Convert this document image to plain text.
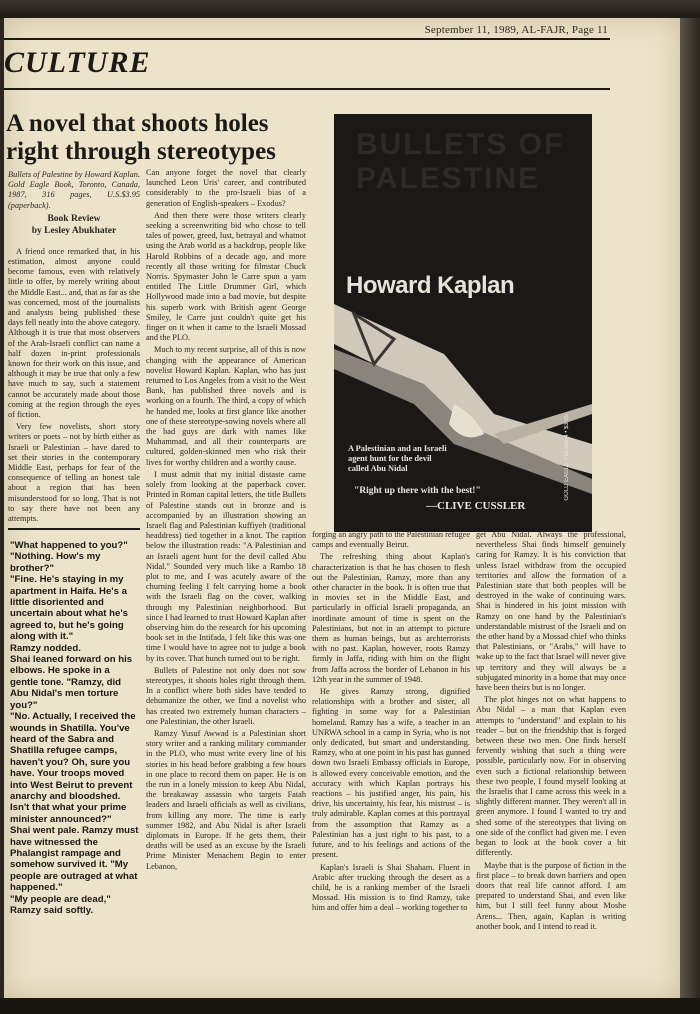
September 11, 1989, AL-FAJR, Page 11
CULTURE
A novel that shoots holes right through stereotypes

Bullets of Palestine by Howard Kaplan. Gold Eagle Book, Toronto, Canada, 1987, 316 pages, U.S.$3.95 (paperback).

Book Review
by Lesley Abukhater

A friend once remarked that, in his estimation, almost anyone could become famous, even with relatively little to offer, by merely writing about the Middle East... and, that as far as she was concerned, most of the journalists and analysts being published these days fell neatly into the above category. Although it is true that most observers of the Arab-Israeli conflict can name a half dozen in-print professionals known for their work on this issue, and although it may be true that only a few have much to say, such a statement cannot be accurately made about those coming at the region through the eyes of fiction.

Very few novelists, short story writers or poets – not by birth either as Israeli or Palestinian – have dared to set their stories in the contemporary Middle East, perhaps for fear of the consequence of telling an honest tale about a region that has been misunderstood for so long. That is not to say there have not been any attempts.

"What happened to you?"

"Nothing. How's my brother?"

"Fine. He's staying in my apartment in Haifa. He's a little disoriented and uncertain about what he's agreed to, but he's going along with it."

Ramzy nodded.

Shai leaned forward on his elbows. He spoke in a gentle tone. "Ramzy, did Abu Nidal's men torture you?"

"No. Actually, I received the wounds in Shatilla. You've heard of the Sabra and Shatilla refugee camps, haven't you? Oh, sure you have. Your troops moved into West Beirut to prevent anarchy and bloodshed. Isn't that what your prime minister announced?"

Shai went pale. Ramzy must have witnessed the Phalangist rampage and somehow survived it. "My people are outraged at what happened."

"My people are dead," Ramzy said softly.

Can anyone forget the novel that clearly launched Leon Uris' career, and contributed considerably to the pro-Israeli bias of a generation of English-speakers – Exodus?

And then there were those writers clearly seeking a screenwriting bid who chose to tell tales of power, greed, lust, betrayal and whatnot using the Arab world as a backdrop, people like Harold Robbins of a decade ago, and more recently all those writing for filmstar Chuck Norris. Spymaster John le Carre spun a yarn entitled The Little Drummer Girl, which Hollywood made into a bad movie, but despite his superb work with British agent George Smiley, le Carre just couldn't quite get his finger on it when it came to the Israeli Mossad and the PLO.

Much to my recent surprise, all of this is now changing with the appearance of American novelist Howard Kaplan. Kaplan, who has just returned to Los Angeles from a visit to the West Bank, has published three novels and is working on a fourth. The third, a copy of which he handed me, looks at first glance like another one of these stereotype-sowing novels where all the bad guys are dark with names like Muhammad, and all their counterparts are cultured, golden-skinned men who risk their lives for worthy children and a worthy cause.

I must admit that my initial distaste came solely from looking at the paperback cover. Printed in Roman capital letters, the title Bullets of Palestine stands out in bronze and is accompanied by an illustration showing an Israeli flag and Palestinian kuffiyeh (traditional headdress) tied together in a knot. The caption below the illustration reads: "A Palestinian and an Israeli agent hunt for the devil called Abu Nidal." Sounded very much like a Rambo 18 plot to me, and I was acutely aware of the churning feeling I felt carrying home a book with the Israeli flag on the cover, walking through my Palestinian neighborhood. But since I had learned to trust Howard Kaplan after observing him do the research for his upcoming book set in the Intifada, I felt like this was one time I would have to agree not to judge a book by its cover. That hunch turned out to be right.

Bullets of Palestine not only does not sow stereotypes, it shoots holes right through them. In a conflict where both sides have tended to dehumanize the other, we find a novelist who has created two extremely human characters – one Palestinian, the other Israeli.

Ramzy Yusuf Awwad is a Palestinian short story writer and a ranking military commander in the PLO, who must write every line of his stories in his head before grabbing a few hours in one place to record them on paper. He is on the run in a lonely mission to keep Abu Nidal, the breakaway assassin who targets Fatah leaders and Israeli officials as well as civilians, from killing any more. The time is early summer 1982, and Abu Nidal is after Israeli diplomats in Europe. If he gets them, their deaths will be used as an excuse by the Israeli Prime Minister Menachem Begin to enter Lebanon,

BULLETS OF PALESTINE
Howard Kaplan
A Palestinian and an Israeli agent hunt for the devil called Abu Nidal
"Right up there with the best!"
—CLIVE CUSSLER
GOLD EAGLE • 62165-4 • $3.95

forging an angry path to the Palestinian refugee camps and eventually Beirut.

The refreshing thing about Kaplan's characterization is that he has chosen to flesh out the Palestinian, Ramzy, more than any other character in the book. It is often true that in movies set in the Middle East, and particularly in official Israeli propaganda, an inordinate amount of time is spent on the Palestinians, but not in an attempt to picture them as human beings, but as archterrorists with no past. Kaplan, however, roots Ramzy firmly in Jaffa, riding with him on the flight from Jaffa across the border of Lebanon in his 12th year in the summer of 1948.

He gives Ramzy strong, dignified relationships with a brother and sister, all fighting in some way for a Palestinian homeland. Ramzy has a wife, a teacher in an UNRWA school in a camp in Syria, who is not only dedicated, but smart and understanding. Ramzy, who at one point in his past has gunned down two Israeli Embassy officials in Europe, is allowed every conceivable emotion, and the accuracy with which Kaplan portrays his reactions – his justified anger, his pain, his drive, his uncertainty, his fear, his mistrust – is truly admirable. Kaplan comes at this portrayal from the assumption that Ramzy as a Palestinian has a just right to his past, to a future, and to his feelings and actions of the present.

Kaplan's Israeli is Shai Shaham. Fluent in Arabic after trucking through the desert as a child, he is a ranking member of the Israeli Mossad. His mission is to find Ramzy, take him and offer him a deal – working together to

get Abu Nidal. Always the professional, nevertheless Shai finds himself genuinely caring for Ramzy. It is his conviction that unless Israel withdraw from the occupied territories and allow the formation of a Palestinian state that both peoples will be destroyed in the wake of continuing wars. Shai is hindered in his joint mission with Ramzy on one hand by the Palestinian's understandable mistrust of the Israeli and on the other hand by a Mossad chief who thinks that Palestinians, or "Arabs," will have to wake up to the fact that Israel will never give up territory and they will always be a subjugated minority in a home that may once have been theirs but is no longer.

The plot hinges not on what happens to Abu Nidal – a man that Kaplan even attempts to "understand" and explain to his reader – but on the friendship that is forged between these two men. One finds herself fervently wishing that such a thing were possible, particularly now. For in observing even such a fictional relationship between these two people, I found myself looking at the Israelis that I came across this week in a slightly different manner. They weren't all in green anymore. I found I wanted to try and shed some of the stereotypes that living on one side of the conflict had given me. I even began to look at the book cover a bit differently.

Maybe that is the purpose of fiction in the first place – to break down barriers and open doors that real life cannot afford. I am prepared to understand Shai, and even like him, but I still feel funny about Moshe Arens... Then, again, Kaplan is writing another book, and I intend to read it.
